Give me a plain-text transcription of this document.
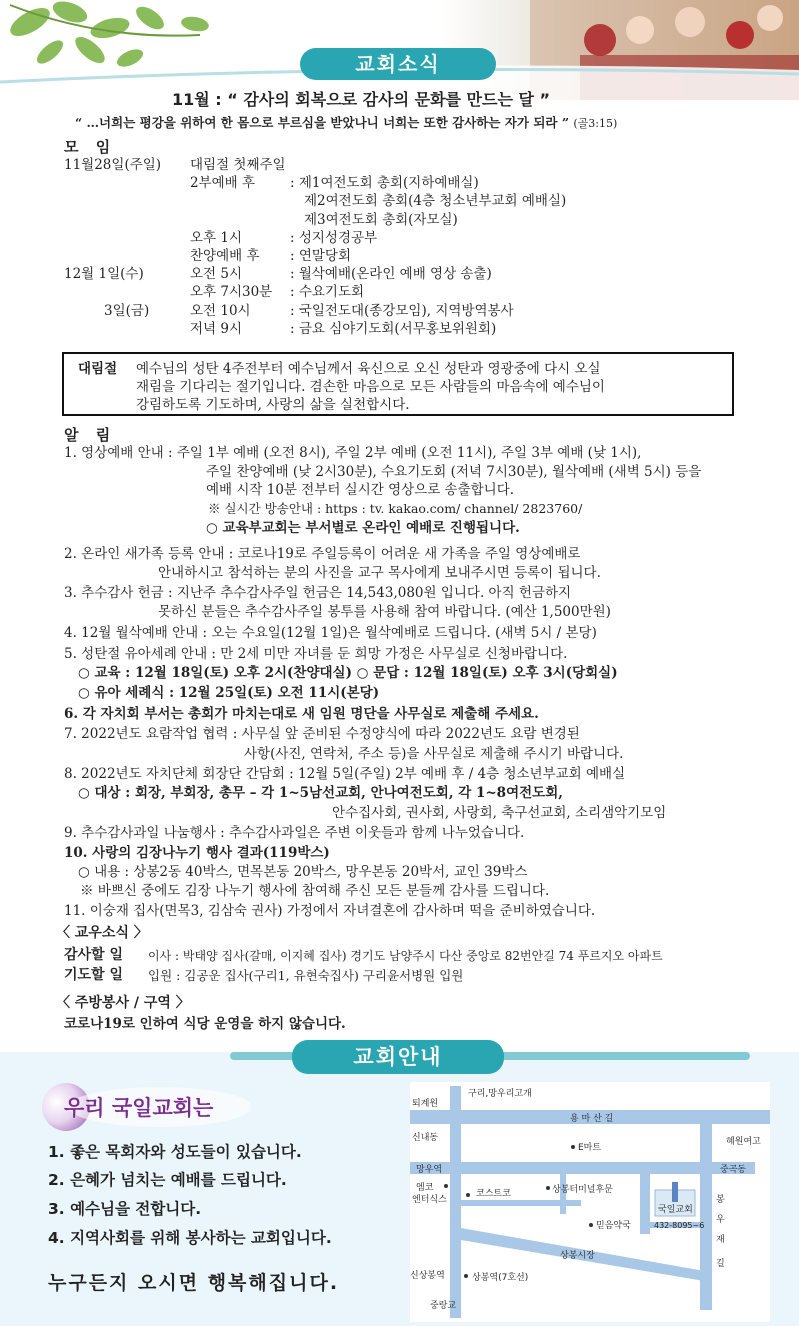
교회소식
11월 : “ 감사의 회복으로 감사의 문화를 만드는 달 ”
“ …너희는 평강을 위하여 한 몸으로 부르심을 받았나니 너희는 또한 감사하는 자가 되라 ” (골3:15)
모 임
11월28일(주일) 대림절 첫째주일
2부예배 후	: 제1여전도회 총회(지하예배실)
제2여전도회 총회(4층 청소년부교회 예배실)
제3여전도회 총회(자모실)
오후 1시	: 성지성경공부
찬양예배 후 : 연말당회
12월 1일(수)	오전 5시	: 월삭예배(온라인 예배 영상 송출)
오후 7시30분 : 수요기도회
3일(금)	오전 10시	: 국일전도대(종강모임), 지역방역봉사
저녁 9시	: 금요 심야기도회(서무홍보위원회)
대림절 예수님의 성탄 4주전부터 예수님께서 육신으로 오신 성탄과 영광중에 다시 오실
재림을 기다리는 절기입니다. 겸손한 마음으로 모든 사람들의 마음속에 예수님이
강림하도록 기도하며, 사랑의 삶을 실천합시다.
알 림
1. 영상예배 안내 : 주일 1부 예배 (오전 8시), 주일 2부 예배 (오전 11시), 주일 3부 예배 (낮 1시),
주일 찬양예배 (낮 2시30분), 수요기도회 (저녁 7시30분), 월삭예배 (새벽 5시) 등을
예배 시작 10분 전부터 실시간 영상으로 송출합니다.
※ 실시간 방송안내 : https : tv. kakao.com/ channel/ 2823760/
○ 교육부교회는 부서별로 온라인 예배로 진행됩니다.
2. 온라인 새가족 등록 안내 : 코로나19로 주일등록이 어려운 새 가족을 주일 영상예배로
안내하시고 참석하는 분의 사진을 교구 목사에게 보내주시면 등록이 됩니다.
3. 추수감사 헌금 : 지난주 추수감사주일 헌금은 14,543,080원 입니다. 아직 헌금하지
못하신 분들은 추수감사주일 봉투를 사용해 참여 바랍니다. (예산 1,500만원)
4. 12월 월삭예배 안내 : 오는 수요일(12월 1일)은 월삭예배로 드립니다. (새벽 5시 / 본당)
5. 성탄절 유아세례 안내 : 만 2세 미만 자녀를 둔 희망 가정은 사무실로 신청바랍니다.
○ 교육 : 12월 18일(토) 오후 2시(찬양대실) ○ 문답 : 12월 18일(토) 오후 3시(당회실)
○ 유아 세례식 : 12월 25일(토) 오전 11시(본당)
6. 각 자치회 부서는 총회가 마치는대로 새 임원 명단을 사무실로 제출해 주세요.
7. 2022년도 요람작업 협력 : 사무실 앞 준비된 수정양식에 따라 2022년도 요람 변경된
사항(사진, 연락처, 주소 등)을 사무실로 제출해 주시기 바랍니다.
8. 2022년도 자치단체 회장단 간담회 : 12월 5일(주일) 2부 예배 후 / 4층 청소년부교회 예배실
○ 대상 : 회장, 부회장, 총무 – 각 1~5남선교회, 안나여전도회, 각 1~8여전도회,
안수집사회, 권사회, 사랑회, 축구선교회, 소리샘악기모임
9. 추수감사과일 나눔행사 : 추수감사과일은 주변 이웃들과 함께 나누었습니다.
10. 사랑의 김장나누기 행사 결과(119박스)
○ 내용 : 상봉2동 40박스, 면목본동 20박스, 망우본동 20박서, 교인 39박스
※ 바쁘신 중에도 김장 나누기 행사에 참여해 주신 모든 분들께 감사를 드립니다.
11. 이숭재 집사(면목3, 김삼숙 권사) 가정에서 자녀결혼에 감사하며 떡을 준비하였습니다.
〈 교우소식 〉
감사할 일 이사 : 박태양 집사(갈매, 이지혜 집사) 경기도 남양주시 다산 중앙로 82번안길 74 푸르지오 아파트
기도할 일 입원 : 김공운 집사(구리1, 유현숙집사) 구리윤서병원 입원
〈 주방봉사 / 구역 〉
코로나19로 인하여 식당 운영을 하지 않습니다.
교회안내
우리 국일교회는
1. 좋은 목회자와 성도들이 있습니다.
2. 은혜가 넘치는 예배를 드립니다.
3. 예수님을 전합니다.
4. 지역사회를 위해 봉사하는 교회입니다.
누구든지 오시면 행복해집니다.
구리,망우리고개
퇴계원
용 마 산 길
신내동
E마트
혜원여고
망우역	중곡동
엠코
엔터식스
코스트코	상봉터미널후문
국일교회
432-8095~6
믿음약국
봉
우
재
길
상봉시장
신상봉역	상봉역(7호선)
중랑교
